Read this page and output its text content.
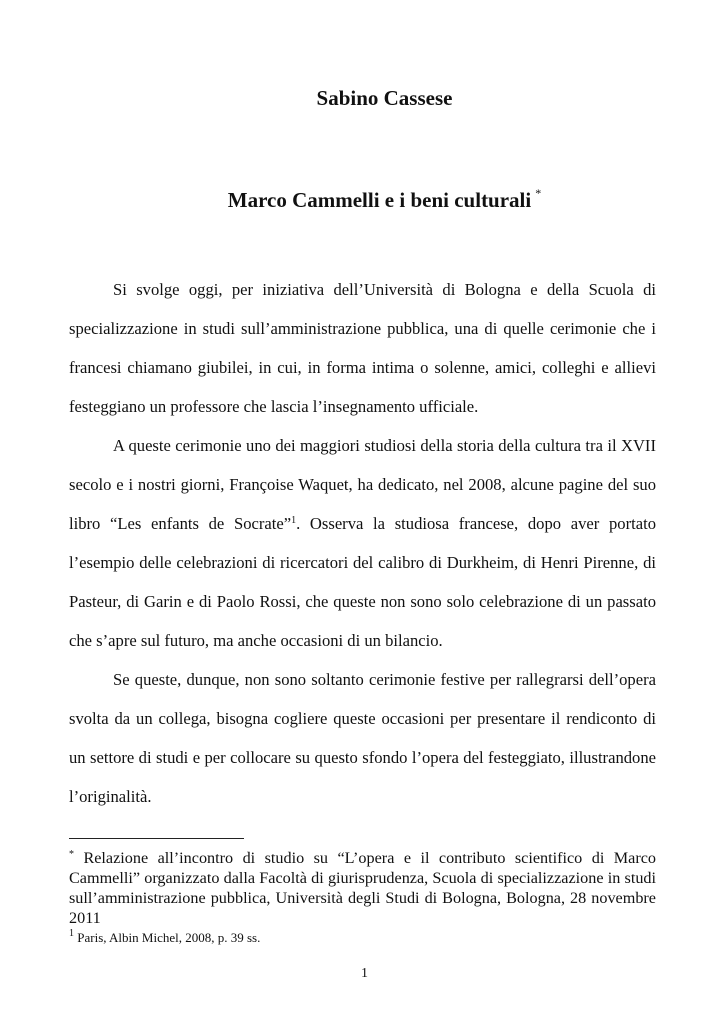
Sabino Cassese
Marco Cammelli e i beni culturali *

Si svolge oggi, per iniziativa dell’Università di Bologna e della Scuola di specializzazione in studi sull’amministrazione pubblica, una di quelle cerimonie che i francesi chiamano giubilei, in cui, in forma intima o solenne, amici, colleghi e allievi festeggiano un professore che lascia l’insegnamento ufficiale.

A queste cerimonie uno dei maggiori studiosi della storia della cultura tra il XVII secolo e i nostri giorni, Françoise Waquet, ha dedicato, nel 2008, alcune pagine del suo libro “Les enfants de Socrate”$^1$. Osserva la studiosa francese, dopo aver portato l’esempio delle celebrazioni di ricercatori del calibro di Durkheim, di Henri Pirenne, di Pasteur, di Garin e di Paolo Rossi, che queste non sono solo celebrazione di un passato che s’apre sul futuro, ma anche occasioni di un bilancio.

Se queste, dunque, non sono soltanto cerimonie festive per rallegrarsi dell’opera svolta da un collega, bisogna cogliere queste occasioni per presentare il rendiconto di un settore di studi e per collocare su questo sfondo l’opera del festeggiato, illustrandone l’originalità.

* Relazione all’incontro di studio su “L’opera e il contributo scientifico di Marco Cammelli” organizzato dalla Facoltà di giurisprudenza, Scuola di specializzazione in studi sull’amministrazione pubblica, Università degli Studi di Bologna, Bologna, 28 novembre 2011

$^1$ Paris, Albin Michel, 2008, p. 39 ss.

1
